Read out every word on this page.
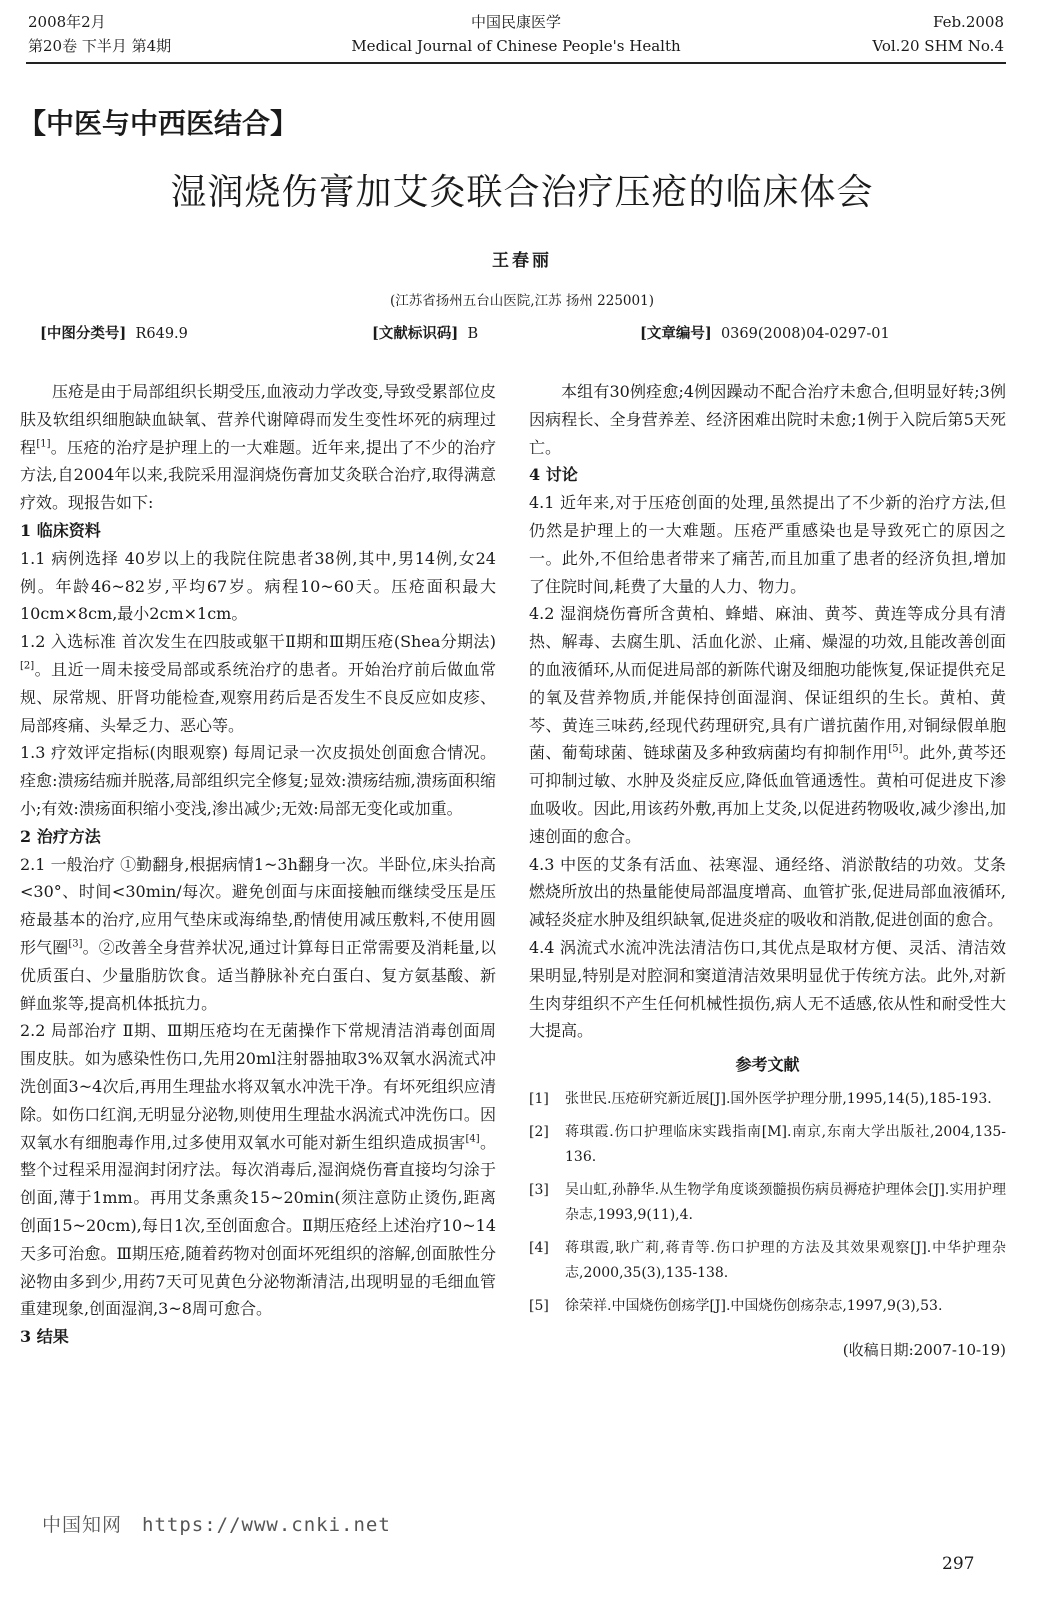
2008年2月
第20卷 下半月 第4期
中国民康医学
Medical Journal of Chinese People's Health
Feb.2008
Vol.20 SHM No.4
【中医与中西医结合】
湿润烧伤膏加艾灸联合治疗压疮的临床体会
王春丽
(江苏省扬州五台山医院,江苏 扬州 225001)
[中图分类号] R649.9	[文献标识码] B	[文章编号] 0369(2008)04-0297-01

压疮是由于局部组织长期受压,血液动力学改变,导致受累部位皮肤及软组织细胞缺血缺氧、营养代谢障碍而发生变性坏死的病理过程[1]。压疮的治疗是护理上的一大难题。近年来,提出了不少的治疗方法,自2004年以来,我院采用湿润烧伤膏加艾灸联合治疗,取得满意疗效。现报告如下:

1 临床资料

1.1 病例选择 40岁以上的我院住院患者38例,其中,男14例,女24例。年龄46~82岁,平均67岁。病程10~60天。压疮面积最大10cm×8cm,最小2cm×1cm。

1.2 入选标准 首次发生在四肢或躯干Ⅱ期和Ⅲ期压疮(Shea分期法)[2]。且近一周未接受局部或系统治疗的患者。开始治疗前后做血常规、尿常规、肝肾功能检查,观察用药后是否发生不良反应如皮疹、局部疼痛、头晕乏力、恶心等。

1.3 疗效评定指标(肉眼观察) 每周记录一次皮损处创面愈合情况。痊愈:溃疡结痂并脱落,局部组织完全修复;显效:溃疡结痂,溃疡面积缩小;有效:溃疡面积缩小变浅,渗出减少;无效:局部无变化或加重。

2 治疗方法

2.1 一般治疗 ①勤翻身,根据病情1~3h翻身一次。半卧位,床头抬高<30°、时间<30min/每次。避免创面与床面接触而继续受压是压疮最基本的治疗,应用气垫床或海绵垫,酌情使用减压敷料,不使用圆形气圈[3]。②改善全身营养状况,通过计算每日正常需要及消耗量,以优质蛋白、少量脂肪饮食。适当静脉补充白蛋白、复方氨基酸、新鲜血浆等,提高机体抵抗力。

2.2 局部治疗 Ⅱ期、Ⅲ期压疮均在无菌操作下常规清洁消毒创面周围皮肤。如为感染性伤口,先用20ml注射器抽取3%双氧水涡流式冲洗创面3~4次后,再用生理盐水将双氧水冲洗干净。有坏死组织应清除。如伤口红润,无明显分泌物,则使用生理盐水涡流式冲洗伤口。因双氧水有细胞毒作用,过多使用双氧水可能对新生组织造成损害[4]。整个过程采用湿润封闭疗法。每次消毒后,湿润烧伤膏直接均匀涂于创面,薄于1mm。再用艾条熏灸15~20min(须注意防止烫伤,距离创面15~20cm),每日1次,至创面愈合。Ⅱ期压疮经上述治疗10~14天多可治愈。Ⅲ期压疮,随着药物对创面坏死组织的溶解,创面脓性分泌物由多到少,用药7天可见黄色分泌物渐清洁,出现明显的毛细血管重建现象,创面湿润,3~8周可愈合。

3 结果

本组有30例痊愈;4例因躁动不配合治疗未愈合,但明显好转;3例因病程长、全身营养差、经济困难出院时未愈;1例于入院后第5天死亡。

4 讨论

4.1 近年来,对于压疮创面的处理,虽然提出了不少新的治疗方法,但仍然是护理上的一大难题。压疮严重感染也是导致死亡的原因之一。此外,不但给患者带来了痛苦,而且加重了患者的经济负担,增加了住院时间,耗费了大量的人力、物力。

4.2 湿润烧伤膏所含黄柏、蜂蜡、麻油、黄芩、黄连等成分具有清热、解毒、去腐生肌、活血化淤、止痛、燥湿的功效,且能改善创面的血液循环,从而促进局部的新陈代谢及细胞功能恢复,保证提供充足的氧及营养物质,并能保持创面湿润、保证组织的生长。黄柏、黄芩、黄连三味药,经现代药理研究,具有广谱抗菌作用,对铜绿假单胞菌、葡萄球菌、链球菌及多种致病菌均有抑制作用[5]。此外,黄芩还可抑制过敏、水肿及炎症反应,降低血管通透性。黄柏可促进皮下渗血吸收。因此,用该药外敷,再加上艾灸,以促进药物吸收,减少渗出,加速创面的愈合。

4.3 中医的艾条有活血、祛寒湿、通经络、消淤散结的功效。艾条燃烧所放出的热量能使局部温度增高、血管扩张,促进局部血液循环,减轻炎症水肿及组织缺氧,促进炎症的吸收和消散,促进创面的愈合。

4.4 涡流式水流冲洗法清洁伤口,其优点是取材方便、灵活、清洁效果明显,特别是对腔洞和窦道清洁效果明显优于传统方法。此外,对新生肉芽组织不产生任何机械性损伤,病人无不适感,依从性和耐受性大大提高。

参考文献
[1]	张世民.压疮研究新近展[J].国外医学护理分册,1995,14(5),185-193.
[2]	蒋琪霞.伤口护理临床实践指南[M].南京,东南大学出版社,2004,135-136.
[3]	吴山虹,孙静华.从生物学角度谈颈髓损伤病员褥疮护理体会[J].实用护理杂志,1993,9(11),4.
[4]	蒋琪霞,耿广莉,蒋青等.伤口护理的方法及其效果观察[J].中华护理杂志,2000,35(3),135-138.
[5]	徐荣祥.中国烧伤创疡学[J].中国烧伤创疡杂志,1997,9(3),53.
(收稿日期:2007-10-19)
中国知网 https://www.cnki.net
297
